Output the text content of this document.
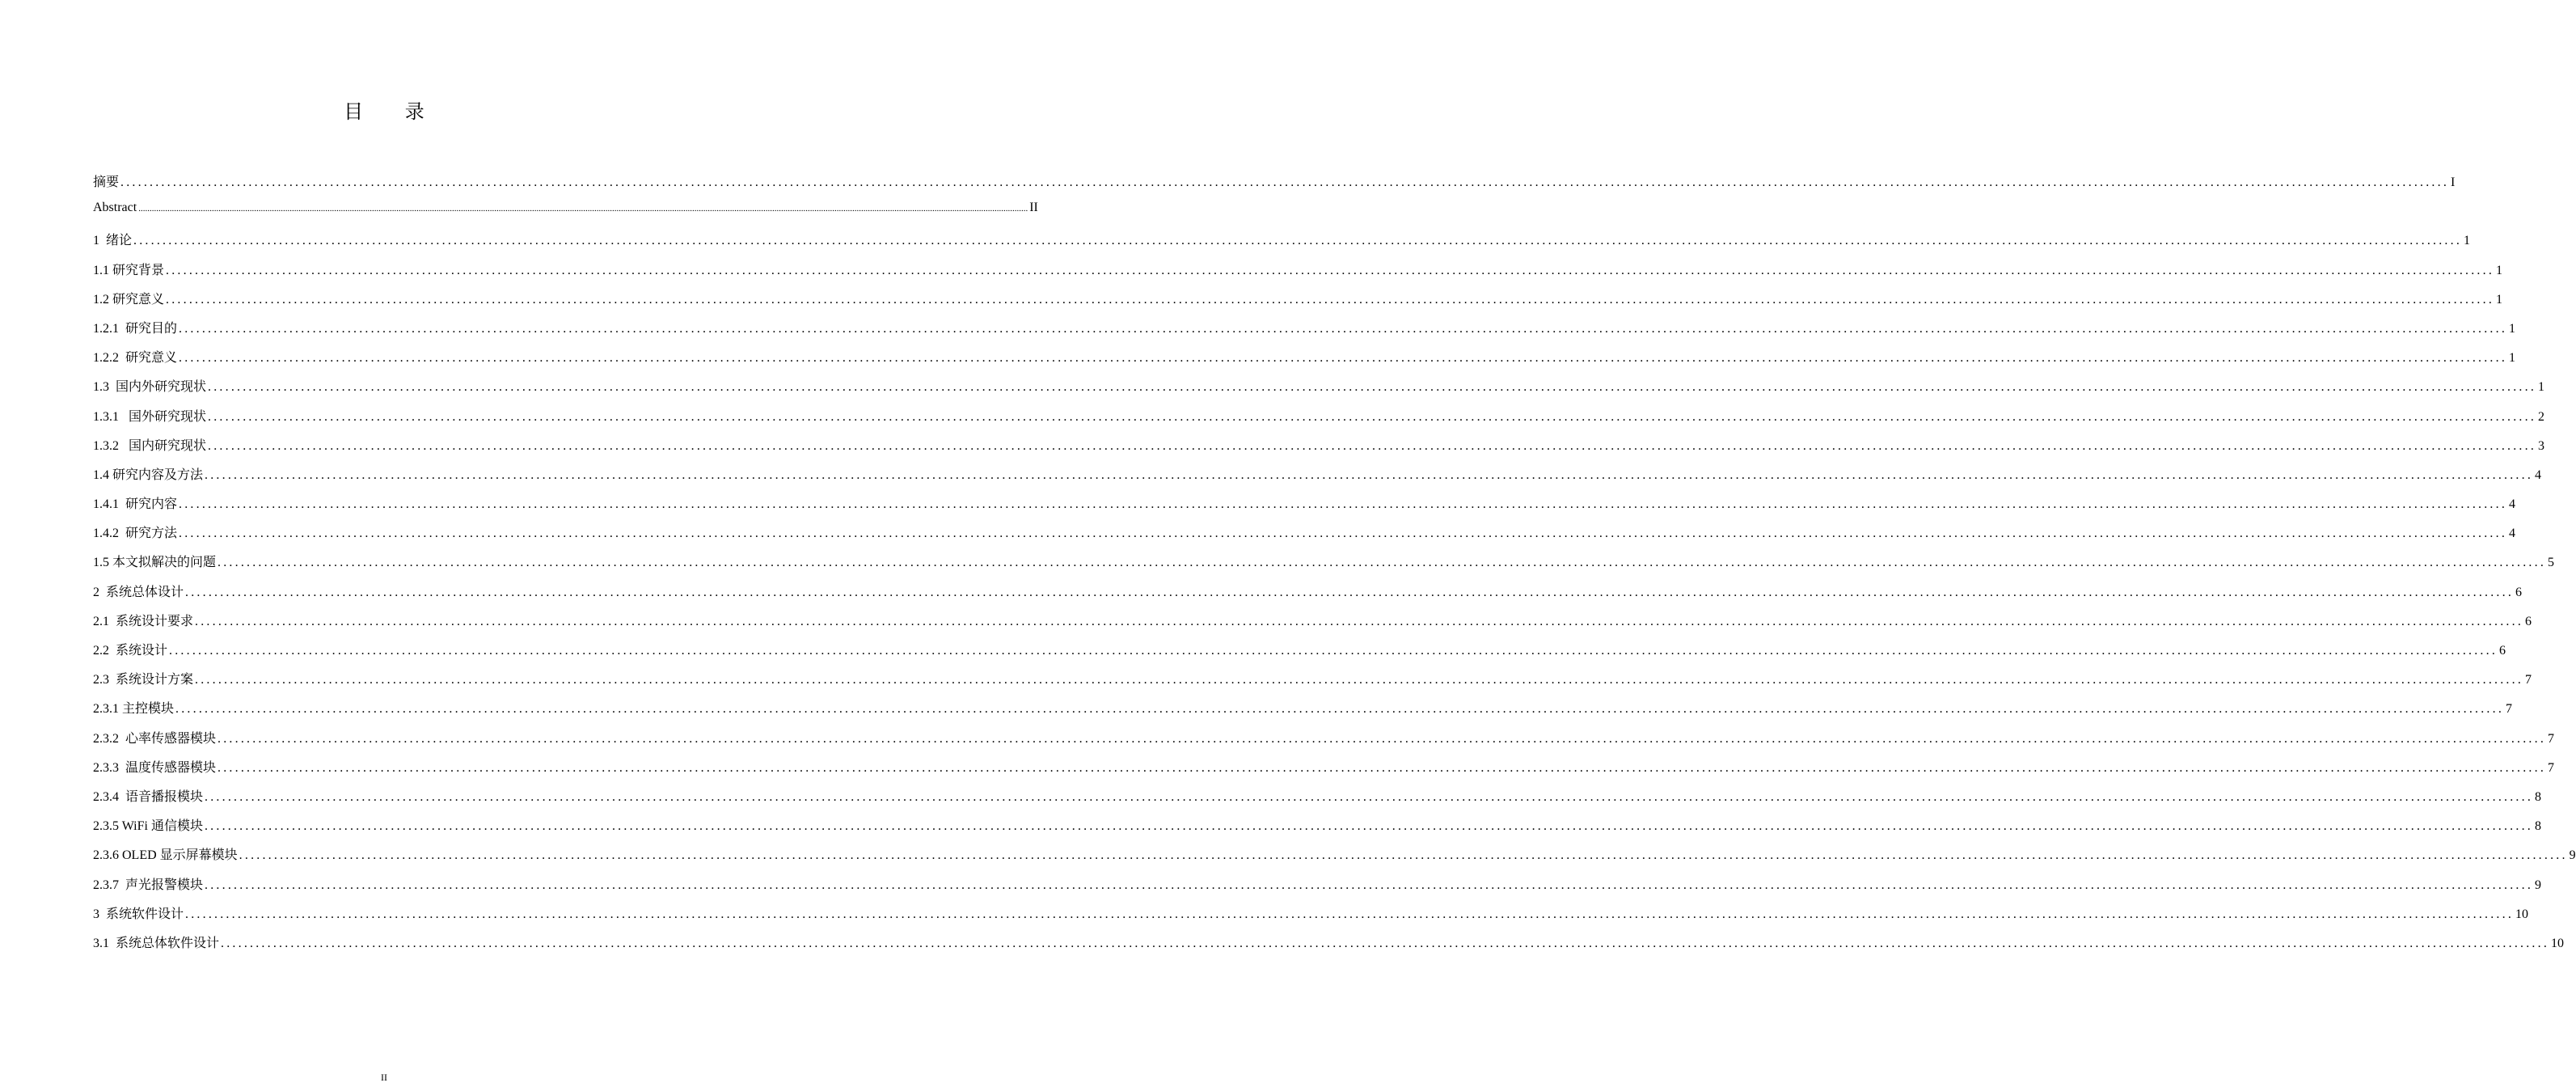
目 录
摘要 ................................................................................................................................................................................................................................................................................................................................................................................................................ I
Abstract ................................................................................................................................................................................................................................................................................................................................................................................................................ II
1  绪论 ................................................................................................................................................................................................................................................................................................................................................................................................................ 1
1.1 研究背景 ................................................................................................................................................................................................................................................................................................................................................................................................................ 1
1.2 研究意义 ................................................................................................................................................................................................................................................................................................................................................................................................................ 1
1.2.1  研究目的 ................................................................................................................................................................................................................................................................................................................................................................................................................ 1
1.2.2  研究意义 ................................................................................................................................................................................................................................................................................................................................................................................................................ 1
1.3  国内外研究现状 ................................................................................................................................................................................................................................................................................................................................................................................................................ 1
1.3.1   国外研究现状 ................................................................................................................................................................................................................................................................................................................................................................................................................ 2
1.3.2   国内研究现状 ................................................................................................................................................................................................................................................................................................................................................................................................................ 3
1.4 研究内容及方法 ................................................................................................................................................................................................................................................................................................................................................................................................................ 4
1.4.1  研究内容 ................................................................................................................................................................................................................................................................................................................................................................................................................ 4
1.4.2  研究方法 ................................................................................................................................................................................................................................................................................................................................................................................................................ 4
1.5 本文拟解决的问题 ................................................................................................................................................................................................................................................................................................................................................................................................................ 5
2  系统总体设计 ................................................................................................................................................................................................................................................................................................................................................................................................................ 6
2.1  系统设计要求 ................................................................................................................................................................................................................................................................................................................................................................................................................ 6
2.2  系统设计 ................................................................................................................................................................................................................................................................................................................................................................................................................ 6
2.3  系统设计方案 ................................................................................................................................................................................................................................................................................................................................................................................................................ 7
2.3.1 主控模块 ................................................................................................................................................................................................................................................................................................................................................................................................................ 7
2.3.2  心率传感器模块 ................................................................................................................................................................................................................................................................................................................................................................................................................ 7
2.3.3  温度传感器模块 ................................................................................................................................................................................................................................................................................................................................................................................................................ 7
2.3.4  语音播报模块 ................................................................................................................................................................................................................................................................................................................................................................................................................ 8
2.3.5 WiFi 通信模块 ................................................................................................................................................................................................................................................................................................................................................................................................................ 8
2.3.6 OLED 显示屏幕模块 ................................................................................................................................................................................................................................................................................................................................................................................................................ 9
2.3.7  声光报警模块 ................................................................................................................................................................................................................................................................................................................................................................................................................ 9
3  系统软件设计 ................................................................................................................................................................................................................................................................................................................................................................................................................ 10
3.1  系统总体软件设计 ................................................................................................................................................................................................................................................................................................................................................................................................................ 10
II
